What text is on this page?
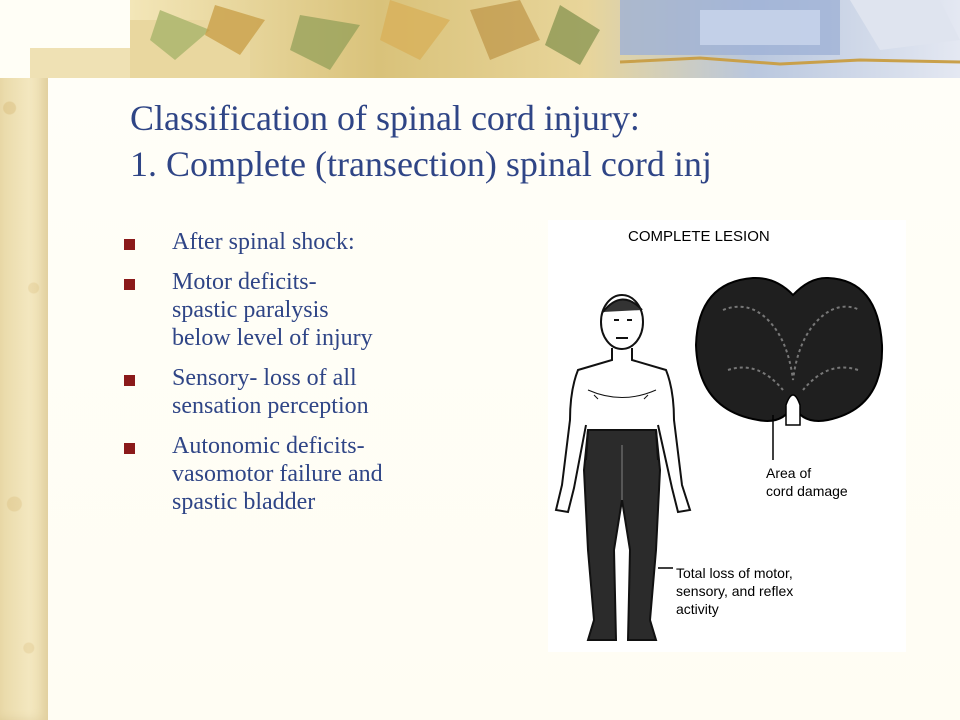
Classification of spinal cord injury:
1. Complete (transection) spinal cord inj
After spinal shock:
Motor deficits-
spastic paralysis
below level of injury
Sensory- loss of all
sensation perception
Autonomic deficits-
vasomotor failure and
spastic bladder
COMPLETE LESION
Area of
cord damage
Total loss of motor,
sensory, and reflex
activity
